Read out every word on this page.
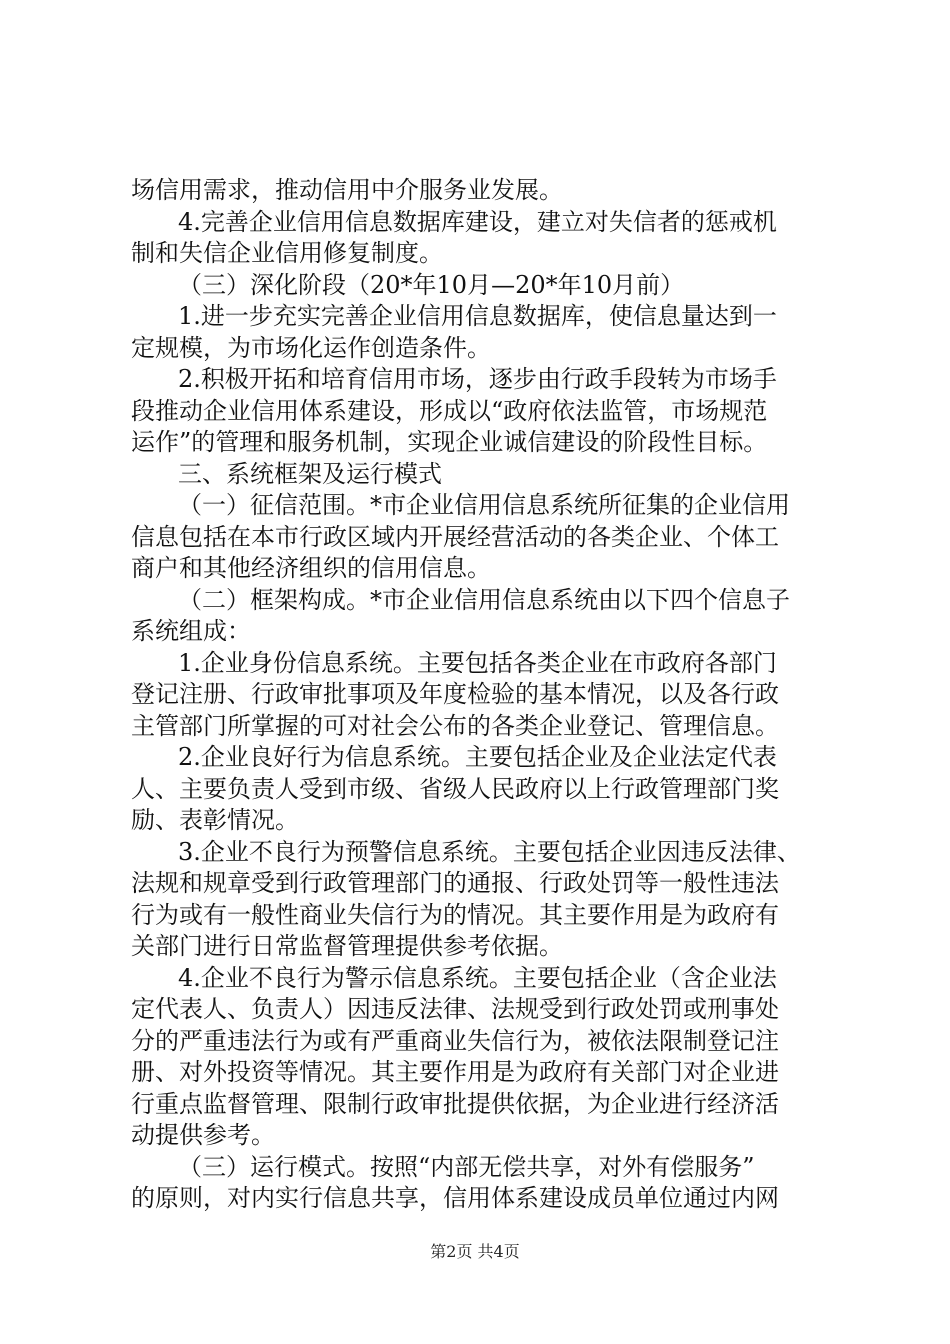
场信用需求，推动信用中介服务业发展。
4.完善企业信用信息数据库建设，建立对失信者的惩戒机
制和失信企业信用修复制度。
（三）深化阶段（20*年10月—20*年10月前）
1.进一步充实完善企业信用信息数据库，使信息量达到一
定规模，为市场化运作创造条件。
2.积极开拓和培育信用市场，逐步由行政手段转为市场手
段推动企业信用体系建设，形成以“政府依法监管，市场规范
运作”的管理和服务机制，实现企业诚信建设的阶段性目标。
三、系统框架及运行模式
（一）征信范围。*市企业信用信息系统所征集的企业信用
信息包括在本市行政区域内开展经营活动的各类企业、个体工
商户和其他经济组织的信用信息。
（二）框架构成。*市企业信用信息系统由以下四个信息子
系统组成：
1.企业身份信息系统。主要包括各类企业在市政府各部门
登记注册、行政审批事项及年度检验的基本情况，以及各行政
主管部门所掌握的可对社会公布的各类企业登记、管理信息。
2.企业良好行为信息系统。主要包括企业及企业法定代表
人、主要负责人受到市级、省级人民政府以上行政管理部门奖
励、表彰情况。
3.企业不良行为预警信息系统。主要包括企业因违反法律、
法规和规章受到行政管理部门的通报、行政处罚等一般性违法
行为或有一般性商业失信行为的情况。其主要作用是为政府有
关部门进行日常监督管理提供参考依据。
4.企业不良行为警示信息系统。主要包括企业（含企业法
定代表人、负责人）因违反法律、法规受到行政处罚或刑事处
分的严重违法行为或有严重商业失信行为，被依法限制登记注
册、对外投资等情况。其主要作用是为政府有关部门对企业进
行重点监督管理、限制行政审批提供依据，为企业进行经济活
动提供参考。
（三）运行模式。按照“内部无偿共享，对外有偿服务”
的原则，对内实行信息共享，信用体系建设成员单位通过内网
第2页 共4页
